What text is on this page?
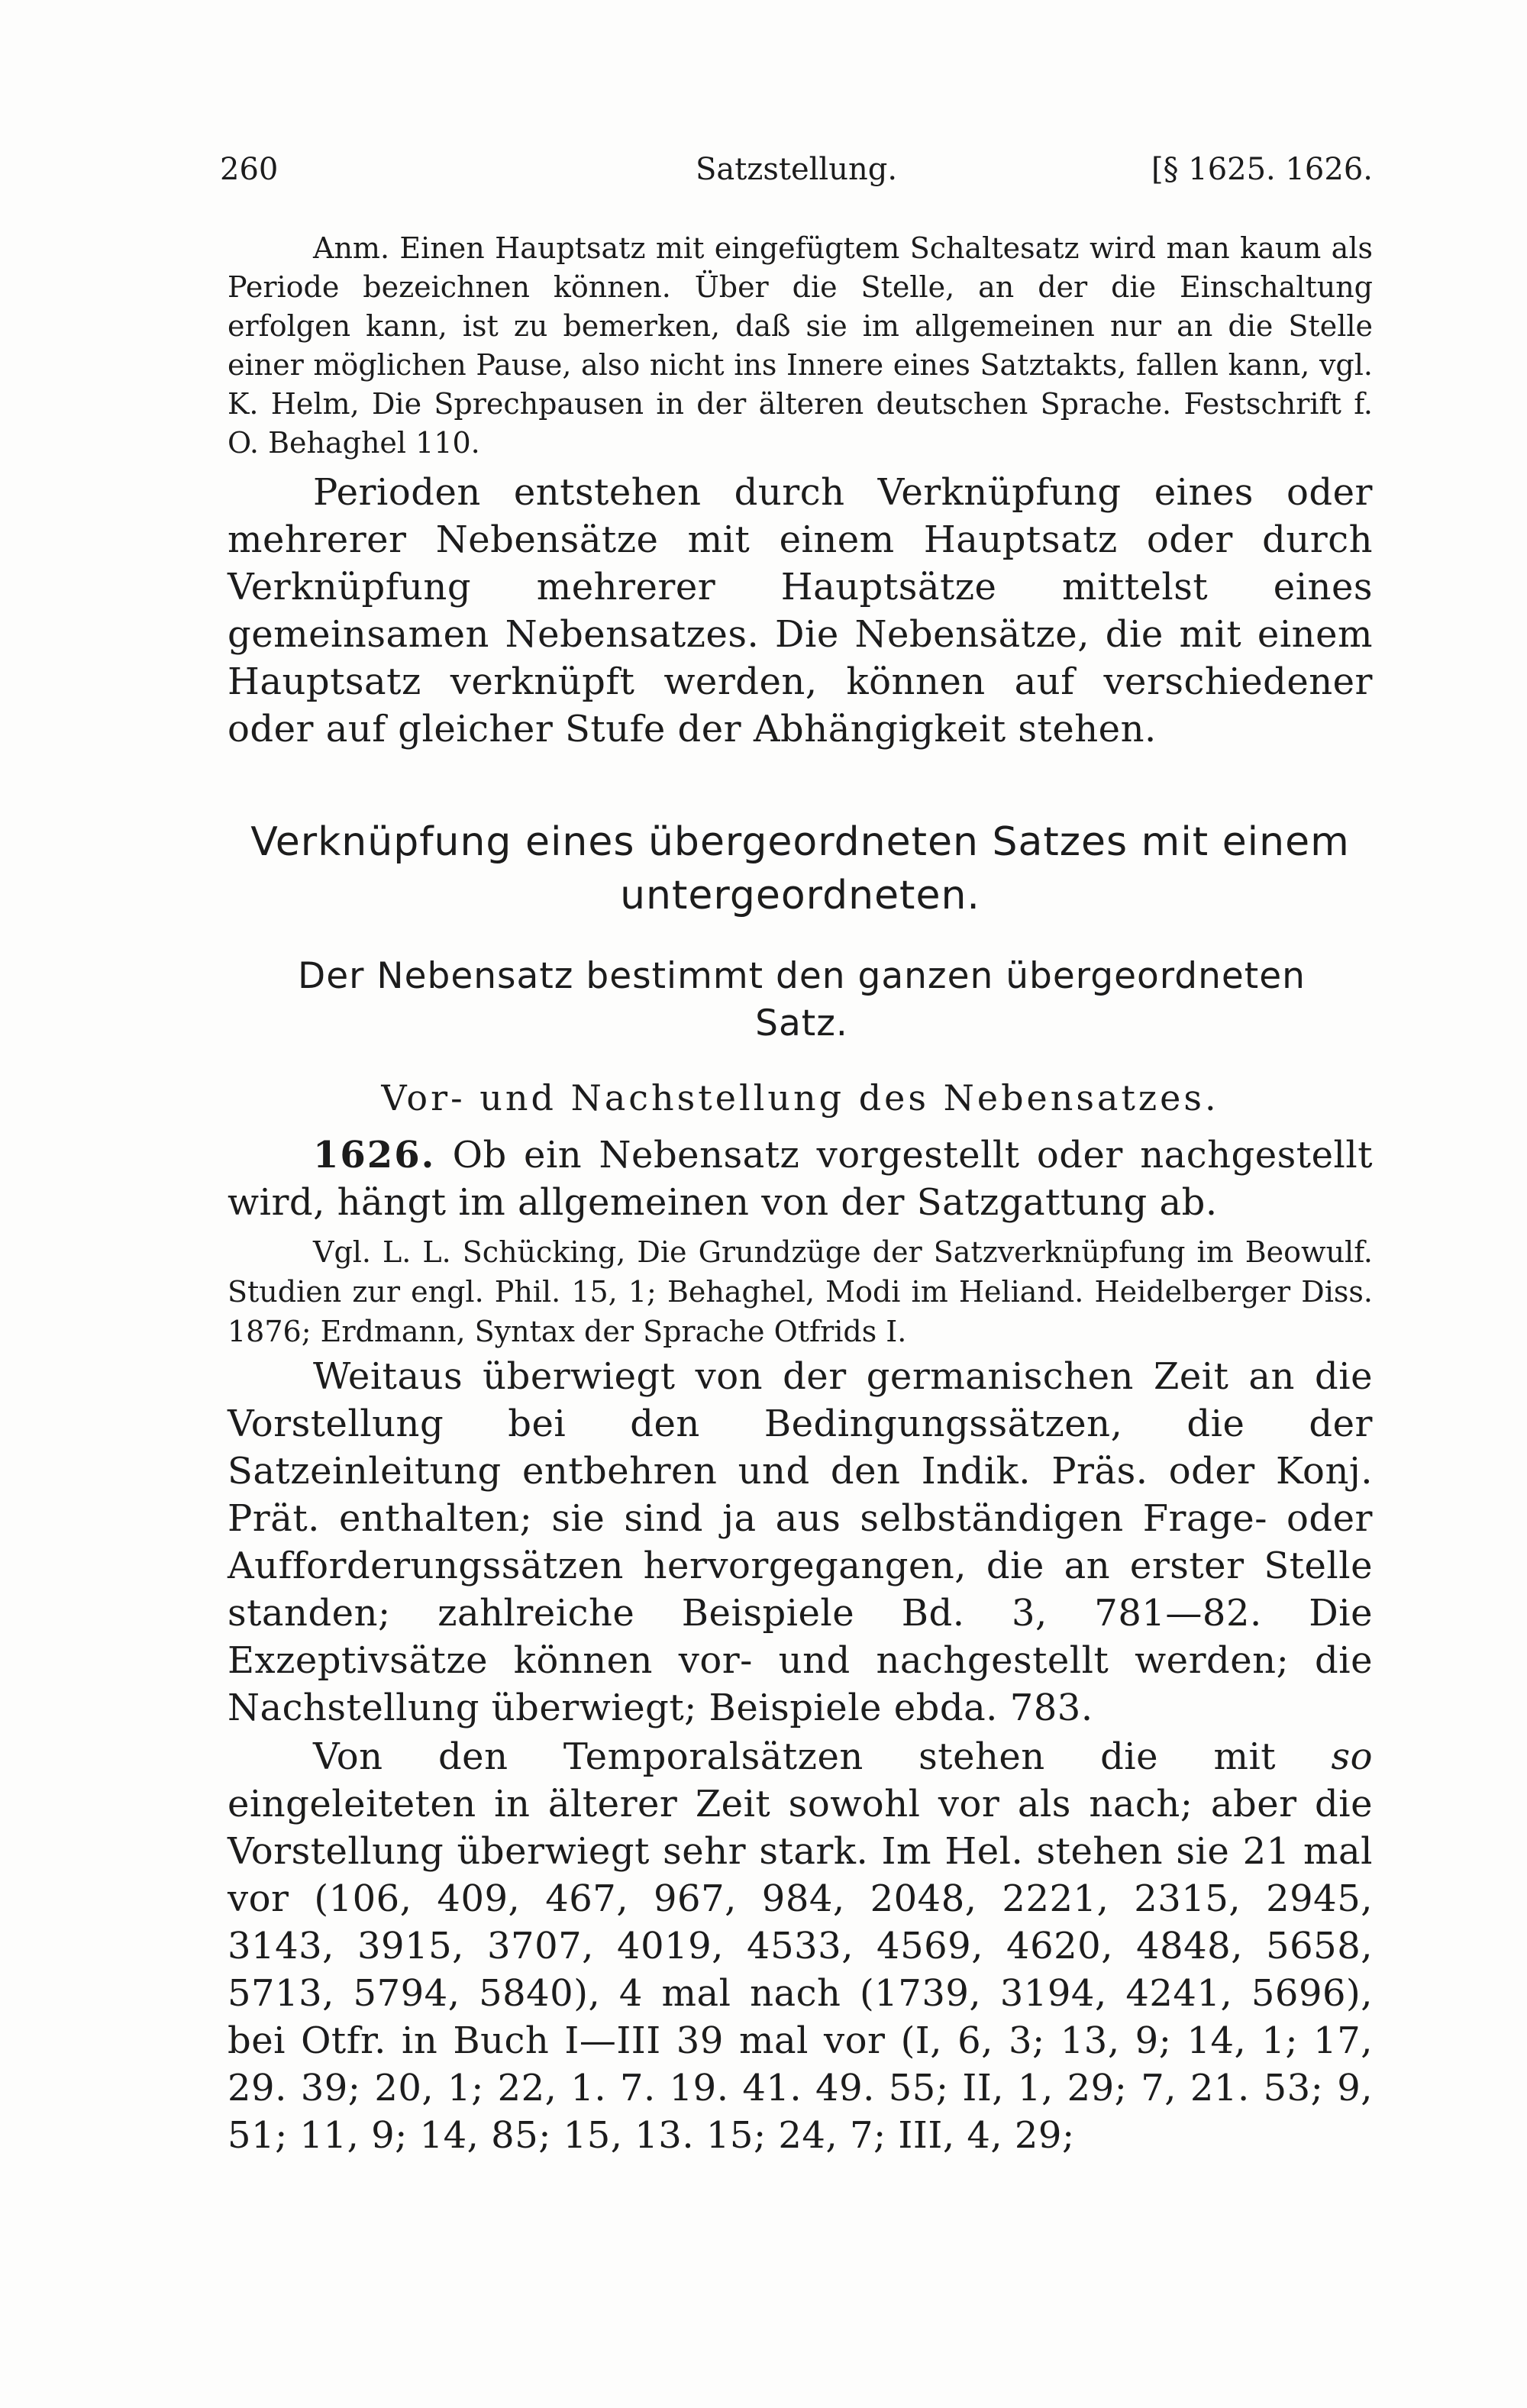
260	Satzstellung.	[§ 1625. 1626.

Anm. Einen Hauptsatz mit eingefügtem Schaltesatz wird man kaum als Periode bezeichnen können. Über die Stelle, an der die Einschaltung erfolgen kann, ist zu bemerken, daß sie im allgemeinen nur an die Stelle einer möglichen Pause, also nicht ins Innere eines Satztakts, fallen kann, vgl. K. Helm, Die Sprechpausen in der älteren deutschen Sprache. Festschrift f. O. Behaghel 110.

Perioden entstehen durch Verknüpfung eines oder mehrerer Nebensätze mit einem Hauptsatz oder durch Verknüpfung mehrerer Hauptsätze mittelst eines gemeinsamen Nebensatzes. Die Nebensätze, die mit einem Hauptsatz verknüpft werden, können auf verschiedener oder auf gleicher Stufe der Abhängigkeit stehen.

Verknüpfung eines übergeordneten Satzes mit einem untergeordneten.

Der Nebensatz bestimmt den ganzen übergeordneten Satz.

Vor- und Nachstellung des Nebensatzes.

1626. Ob ein Nebensatz vorgestellt oder nachgestellt wird, hängt im allgemeinen von der Satzgattung ab.

Vgl. L. L. Schücking, Die Grundzüge der Satzverknüpfung im Beowulf. Studien zur engl. Phil. 15, 1; Behaghel, Modi im Heliand. Heidelberger Diss. 1876; Erdmann, Syntax der Sprache Otfrids I.

Weitaus überwiegt von der germanischen Zeit an die Vorstellung bei den Bedingungssätzen, die der Satzeinleitung entbehren und den Indik. Präs. oder Konj. Prät. enthalten; sie sind ja aus selbständigen Frage- oder Aufforderungssätzen hervorgegangen, die an erster Stelle standen; zahlreiche Beispiele Bd. 3, 781—82. Die Exzeptivsätze können vor- und nachgestellt werden; die Nachstellung überwiegt; Beispiele ebda. 783.

Von den Temporalsätzen stehen die mit so eingeleiteten in älterer Zeit sowohl vor als nach; aber die Vorstellung überwiegt sehr stark. Im Hel. stehen sie 21 mal vor (106, 409, 467, 967, 984, 2048, 2221, 2315, 2945, 3143, 3915, 3707, 4019, 4533, 4569, 4620, 4848, 5658, 5713, 5794, 5840), 4 mal nach (1739, 3194, 4241, 5696), bei Otfr. in Buch I—III 39 mal vor (I, 6, 3; 13, 9; 14, 1; 17, 29. 39; 20, 1; 22, 1. 7. 19. 41. 49. 55; II, 1, 29; 7, 21. 53; 9, 51; 11, 9; 14, 85; 15, 13. 15; 24, 7; III, 4, 29;
